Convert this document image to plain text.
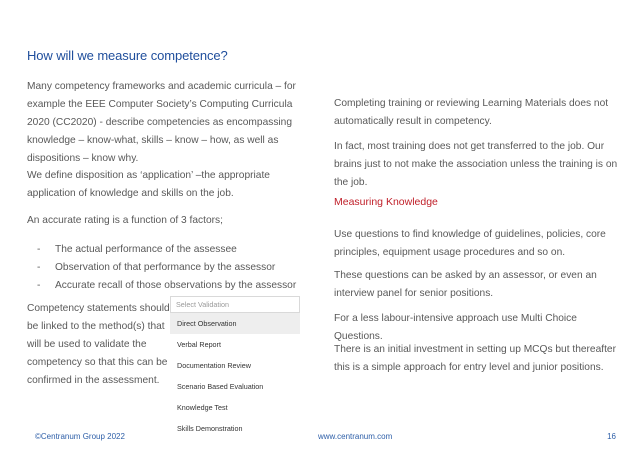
How will we measure competence?

Many competency frameworks and academic curricula – for example the EEE Computer Society’s Computing Curricula 2020 (CC2020) - describe competencies as encompassing knowledge – know-what, skills – know – how, as well as dispositions – know why.

We define disposition as ‘application’ –the appropriate application of knowledge and skills on the job.

An accurate rating is a function of 3 factors;

- The actual performance of the assessee
- Observation of that performance by the assessor
- Accurate recall of those observations by the assessor

Competency statements should be linked to the method(s) that will be used to validate the competency so that this can be confirmed in the assessment.

Select Validation
Direct Observation
Verbal Report
Documentation Review
Scenario Based Evaluation
Knowledge Test
Skills Demonstration

Completing training or reviewing Learning Materials does not automatically result in competency.

In fact, most training does not get transferred to the job. Our brains just to not make the association unless the training is on the job.

Measuring Knowledge

Use questions to find knowledge of guidelines, policies, core principles, equipment usage procedures and so on.

These questions can be asked by an assessor, or even an interview panel for senior positions.

For a less labour-intensive approach use Multi Choice Questions.

There is an initial investment in setting up MCQs but thereafter this is a simple approach for entry level and junior positions.

©Centranum Group 2022	www.centranum.com	16
